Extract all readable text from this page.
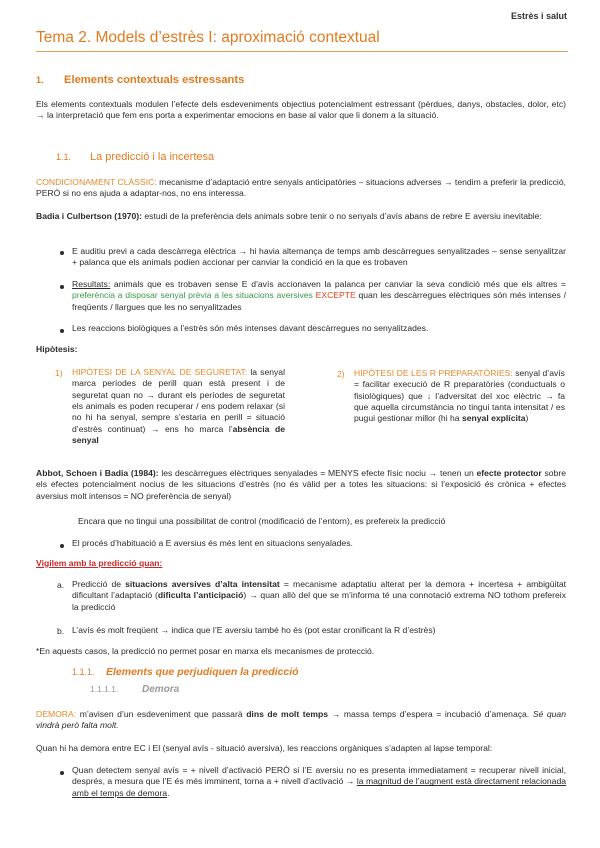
Estrès i salut
Tema 2. Models d’estrès I: aproximació contextual
1. Elements contextuals estressants

Els elements contextuals modulen l’efecte dels esdeveniments objectius potencialment estressant (pèrdues, danys, obstacles, dolor, etc) → la interpretació que fem ens porta a experimentar emocions en base al valor que li donem a la situació.

1.1. La predicció i la incertesa

CONDICIONAMENT CLÀSSIC: mecanisme d’adaptació entre senyals anticipatòries – situacions adverses → tendim a preferir la predicció, PERÒ si no ens ajuda a adaptar-nos, no ens interessa.

Badia i Culbertson (1970): estudi de la preferència dels animals sobre tenir o no senyals d’avís abans de rebre E aversiu inevitable:

E auditiu previ a cada descàrrega elèctrica → hi havia alternança de temps amb descàrregues senyalitzades – sense senyalitzar + palanca que els animals podien accionar per canviar la condició en la que es trobaven

Resultats: animals que es trobaven sense E d’avís accionaven la palanca per canviar la seva condició més que els altres = preferència a disposar senyal prèvia a les situacions aversives EXCEPTE quan les descàrregues elèctriques són més intenses / freqüents / llargues que les no senyalitzades

Les reaccions biològiques a l’estrès són més intenses davant descàrregues no senyalitzades.

Hipòtesis:
1) HIPÒTESI DE LA SENYAL DE SEGURETAT: la senyal marca períodes de perill quan està present i de seguretat quan no → durant els períodes de seguretat els animals es poden recuperar / ens podem relaxar (si no hi ha senyal, sempre s’estaria en perill = situació d’estrès continuat) → ens ho marca l’absència de senyal

2) HIPÒTESI DE LES R PREPARATÒRIES: senyal d’avís = facilitar execució de R preparatòries (conductuals o fisiològiques) que ↓ l’adversitat del xoc elèctric → fa que aquella circumstància no tingui tanta intensitat / es pugui gestionar millor (hi ha senyal explícita)

Abbot, Schoen i Badia (1984): les descàrregues elèctriques senyalades = MENYS efecte físic nociu → tenen un efecte protector sobre els efectes potencialment nocius de les situacions d’estrès (no és vàlid per a totes les situacions: si l’exposició és crònica + efectes aversius molt intensos = NO preferència de senyal)

Encara que no tingui una possibilitat de control (modificació de l’entorn), es prefereix la predicció

El procés d’habituació a E aversius és més lent en situacions senyalades.

Vigilem amb la predicció quan:
a. Predicció de situacions aversives d’alta intensitat = mecanisme adaptatiu alterat per la demora + incertesa + ambigüitat dificultant l’adaptació (dificulta l’anticipació) → quan allò del que se m’informa té una connotació extrema NO tothom prefereix la predicció

b. L’avís és molt freqüent → indica que l’E aversiu també ho és (pot estar cronificant la R d’estrès)

*En aquests casos, la predicció no permet posar en marxa els mecanismes de protecció.

1.1.1. Elements que perjudiquen la predicció
1.1.1.1. Demora

DEMORA: m’avisen d’un esdeveniment que passarà dins de molt temps → massa temps d’espera = incubació d’amenaça. Sé quan vindrà però falta molt.

Quan hi ha demora entre EC i El (senyal avís - situació aversiva), les reaccions orgàniques s’adapten al lapse temporal:

Quan detectem senyal avís = + nivell d’activació PERÒ si l’E aversiu no es presenta immediatament = recuperar nivell inicial, després, a mesura que l’E és més imminent, torna a + nivell d’activació → la magnitud de l’augment està directament relacionada amb el temps de demora.
